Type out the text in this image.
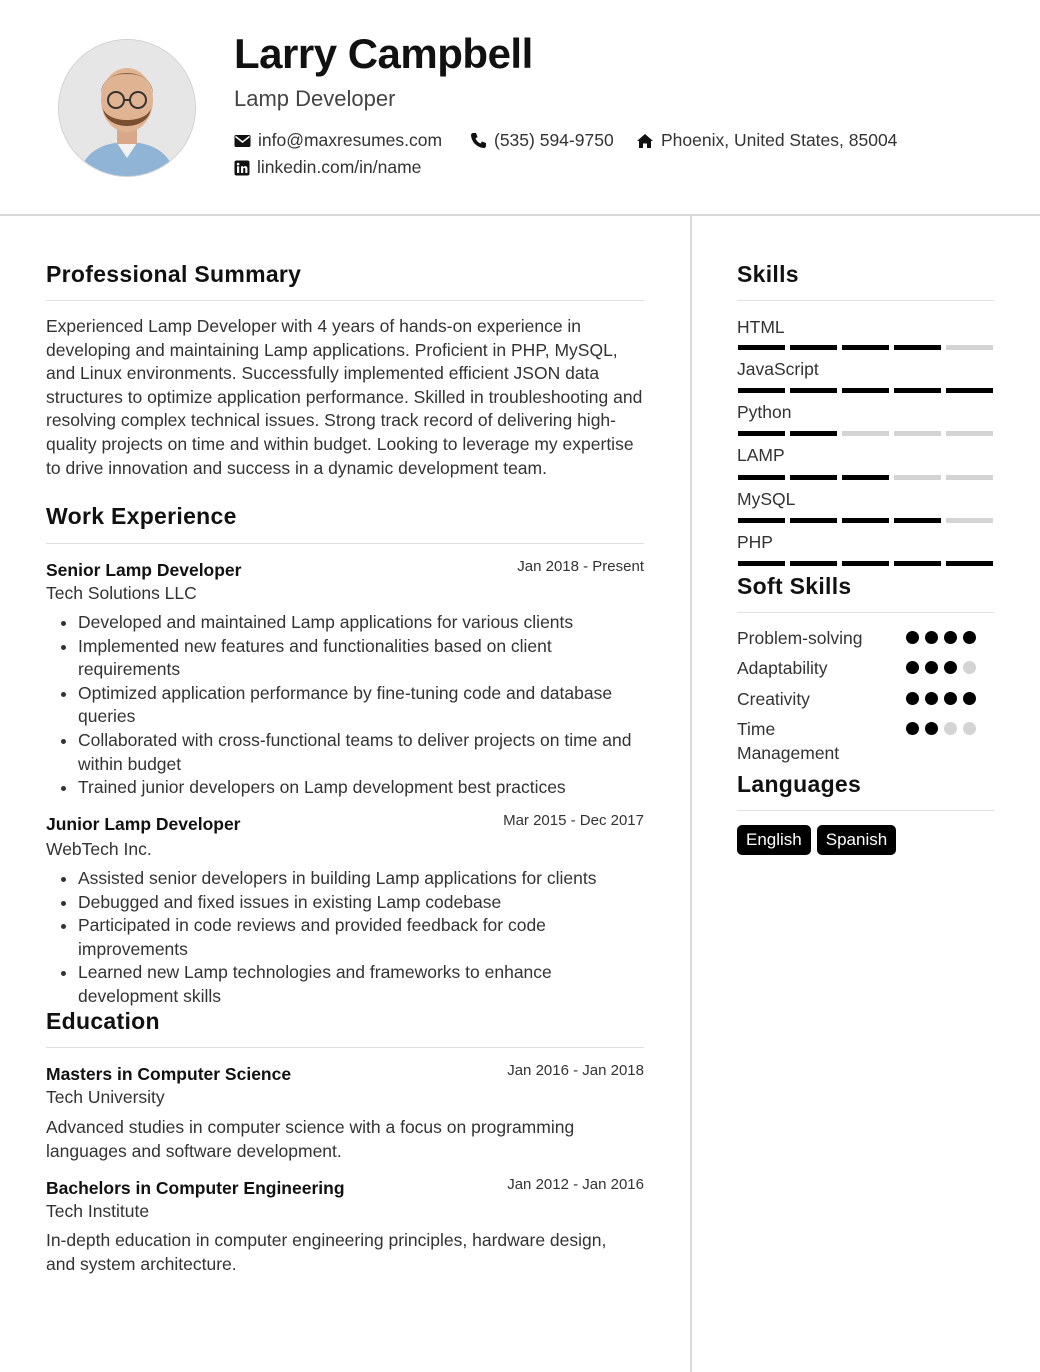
Larry Campbell
Lamp Developer
info@maxresumes.com	(535) 594-9750	Phoenix, United States, 85004
linkedin.com/in/name
Professional Summary
Experienced Lamp Developer with 4 years of hands-on experience in developing and maintaining Lamp applications. Proficient in PHP, MySQL, and Linux environments. Successfully implemented efficient JSON data structures to optimize application performance. Skilled in troubleshooting and resolving complex technical issues. Strong track record of delivering high-quality projects on time and within budget. Looking to leverage my expertise to drive innovation and success in a dynamic development team.
Work Experience
Senior Lamp Developer	Jan 2018 - Present
Tech Solutions LLC
• Developed and maintained Lamp applications for various clients
• Implemented new features and functionalities based on client requirements
• Optimized application performance by fine-tuning code and database queries
• Collaborated with cross-functional teams to deliver projects on time and within budget
• Trained junior developers on Lamp development best practices
Junior Lamp Developer	Mar 2015 - Dec 2017
WebTech Inc.
• Assisted senior developers in building Lamp applications for clients
• Debugged and fixed issues in existing Lamp codebase
• Participated in code reviews and provided feedback for code improvements
• Learned new Lamp technologies and frameworks to enhance development skills
Education
Masters in Computer Science	Jan 2016 - Jan 2018
Tech University
Advanced studies in computer science with a focus on programming languages and software development.
Bachelors in Computer Engineering	Jan 2012 - Jan 2016
Tech Institute
In-depth education in computer engineering principles, hardware design, and system architecture.
Skills
HTML
JavaScript
Python
LAMP
MySQL
PHP
Soft Skills
Problem-solving
Adaptability
Creativity
Time Management
Languages
English	Spanish
